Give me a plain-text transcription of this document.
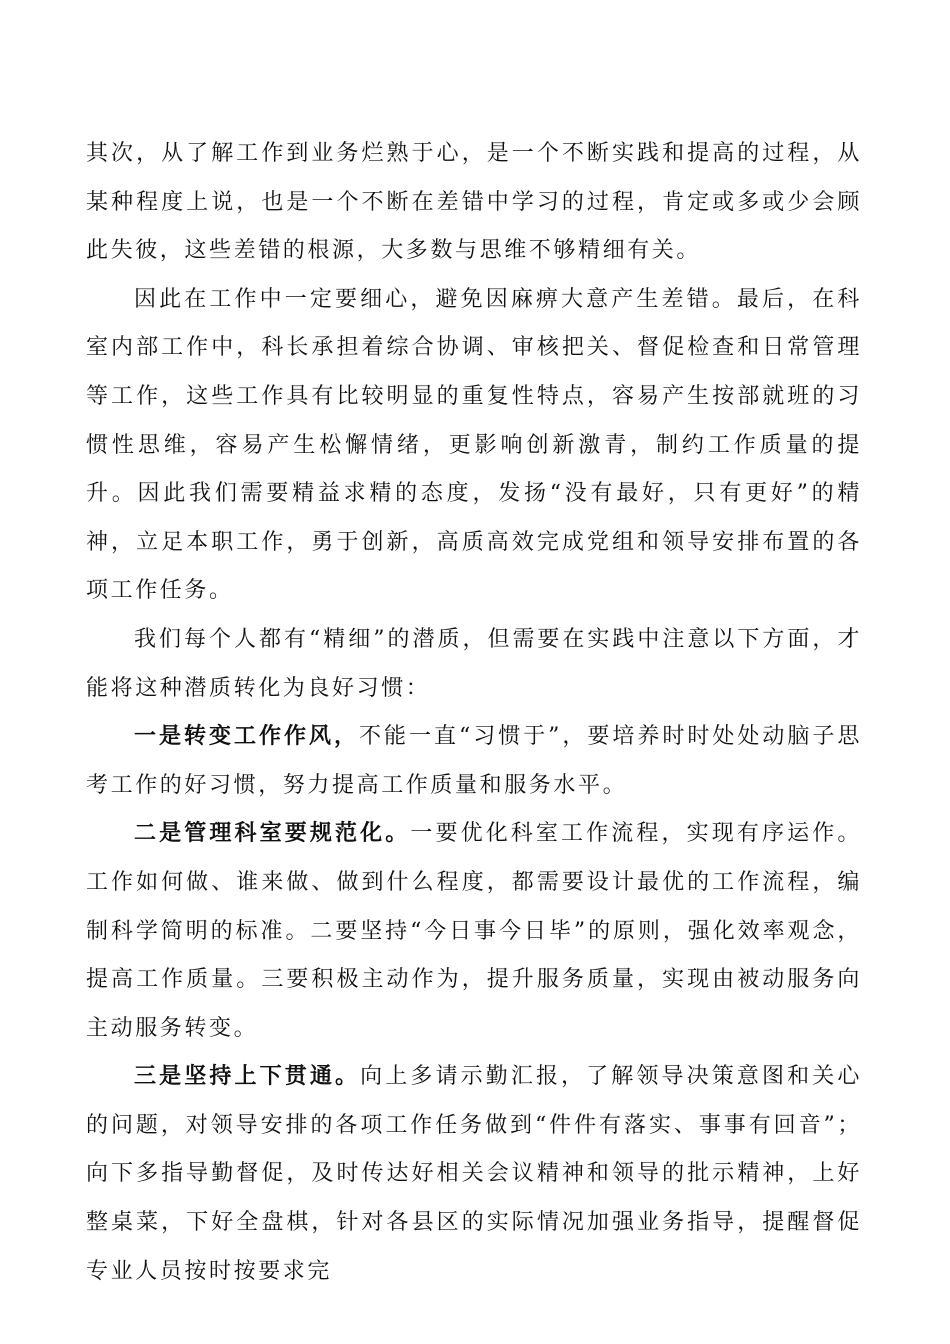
其次，从了解工作到业务烂熟于心，是一个不断实践和提高的过程，从某种程度上说，也是一个不断在差错中学习的过程，肯定或多或少会顾此失彼，这些差错的根源，大多数与思维不够精细有关。

因此在工作中一定要细心，避免因麻痹大意产生差错。最后，在科室内部工作中，科长承担着综合协调、审核把关、督促检查和日常管理等工作，这些工作具有比较明显的重复性特点，容易产生按部就班的习惯性思维，容易产生松懈情绪，更影响创新激青，制约工作质量的提升。因此我们需要精益求精的态度，发扬“没有最好，只有更好”的精神，立足本职工作，勇于创新，高质高效完成党组和领导安排布置的各项工作任务。

我们每个人都有“精细”的潜质，但需要在实践中注意以下方面，才能将这种潜质转化为良好习惯：

一是转变工作作风，不能一直“习惯于”，要培养时时处处动脑子思考工作的好习惯，努力提高工作质量和服务水平。

二是管理科室要规范化。一要优化科室工作流程，实现有序运作。工作如何做、谁来做、做到什么程度，都需要设计最优的工作流程，编制科学简明的标准。二要坚持“今日事今日毕”的原则，强化效率观念，提高工作质量。三要积极主动作为，提升服务质量，实现由被动服务向主动服务转变。

三是坚持上下贯通。向上多请示勤汇报，了解领导决策意图和关心的问题，对领导安排的各项工作任务做到“件件有落实、事事有回音”；向下多指导勤督促，及时传达好相关会议精神和领导的批示精神，上好整桌菜，下好全盘棋，针对各县区的实际情况加强业务指导，提醒督促专业人员按时按要求完
